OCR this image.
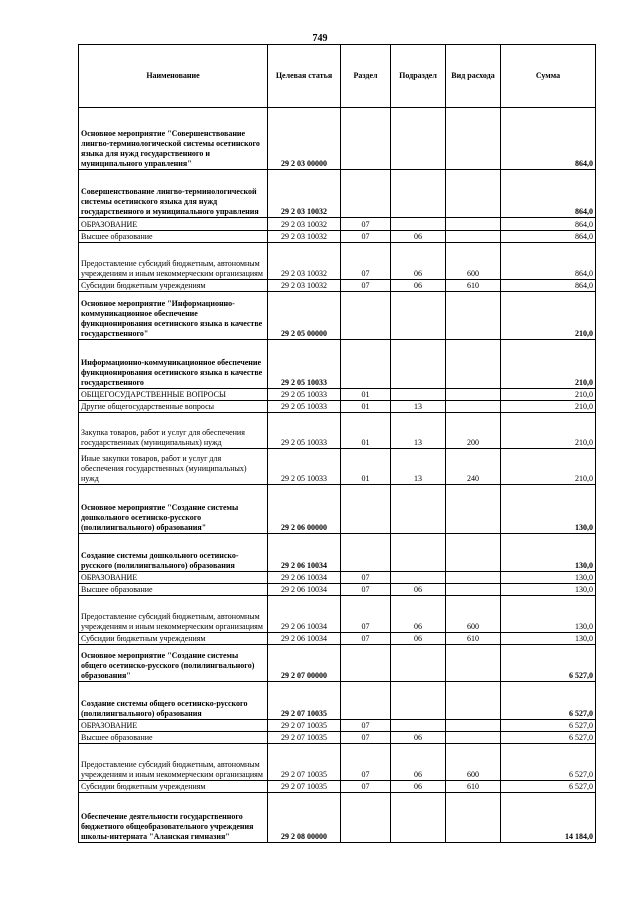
749
Наименование	Целевая статья	Раздел	Подраздел	Вид расхода	Сумма
Основное мероприятие "Совершенствование лингво-терминологической системы осетинского языка для нужд государственного и муниципального управления"	29 2 03 00000				864,0
Совершенствование лингво-терминологической системы осетинского языка для нужд государственного и муниципального управления	29 2 03 10032				864,0
ОБРАЗОВАНИЕ	29 2 03 10032	07			864,0
Высшее образование	29 2 03 10032	07	06		864,0
Предоставление субсидий бюджетным, автономным учреждениям и иным некоммерческим организациям	29 2 03 10032	07	06	600	864,0
Субсидии бюджетным учреждениям	29 2 03 10032	07	06	610	864,0
Основное мероприятие "Информационно-коммуникационное обеспечение функционирования осетинского языка в качестве государственного"	29 2 05 00000				210,0
Информационно-коммуникационное обеспечение функционирования осетинского языка в качестве государственного	29 2 05 10033				210,0
ОБЩЕГОСУДАРСТВЕННЫЕ ВОПРОСЫ	29 2 05 10033	01			210,0
Другие общегосударственные вопросы	29 2 05 10033	01	13		210,0
Закупка товаров, работ и услуг для обеспечения государственных (муниципальных) нужд	29 2 05 10033	01	13	200	210,0
Иные закупки товаров, работ и услуг для обеспечения государственных (муниципальных) нужд	29 2 05 10033	01	13	240	210,0
Основное мероприятие "Создание системы дошкольного осетинско-русского (полилингвального) образования"	29 2 06 00000				130,0
Создание системы дошкольного осетинско-русского (полилингвального) образования	29 2 06 10034				130,0
ОБРАЗОВАНИЕ	29 2 06 10034	07			130,0
Высшее образование	29 2 06 10034	07	06		130,0
Предоставление субсидий бюджетным, автономным учреждениям и иным некоммерческим организациям	29 2 06 10034	07	06	600	130,0
Субсидии бюджетным учреждениям	29 2 06 10034	07	06	610	130,0
Основное мероприятие "Создание системы общего осетинско-русского (полилингвального) образования"	29 2 07 00000				6 527,0
Создание системы общего осетинско-русского (полилингвального) образования	29 2 07 10035				6 527,0
ОБРАЗОВАНИЕ	29 2 07 10035	07			6 527,0
Высшее образование	29 2 07 10035	07	06		6 527,0
Предоставление субсидий бюджетным, автономным учреждениям и иным некоммерческим организациям	29 2 07 10035	07	06	600	6 527,0
Субсидии бюджетным учреждениям	29 2 07 10035	07	06	610	6 527,0
Обеспечение деятельности государственного бюджетного общеобразовательного учреждения школы-интерната "Аланская гимназия"	29 2 08 00000				14 184,0
